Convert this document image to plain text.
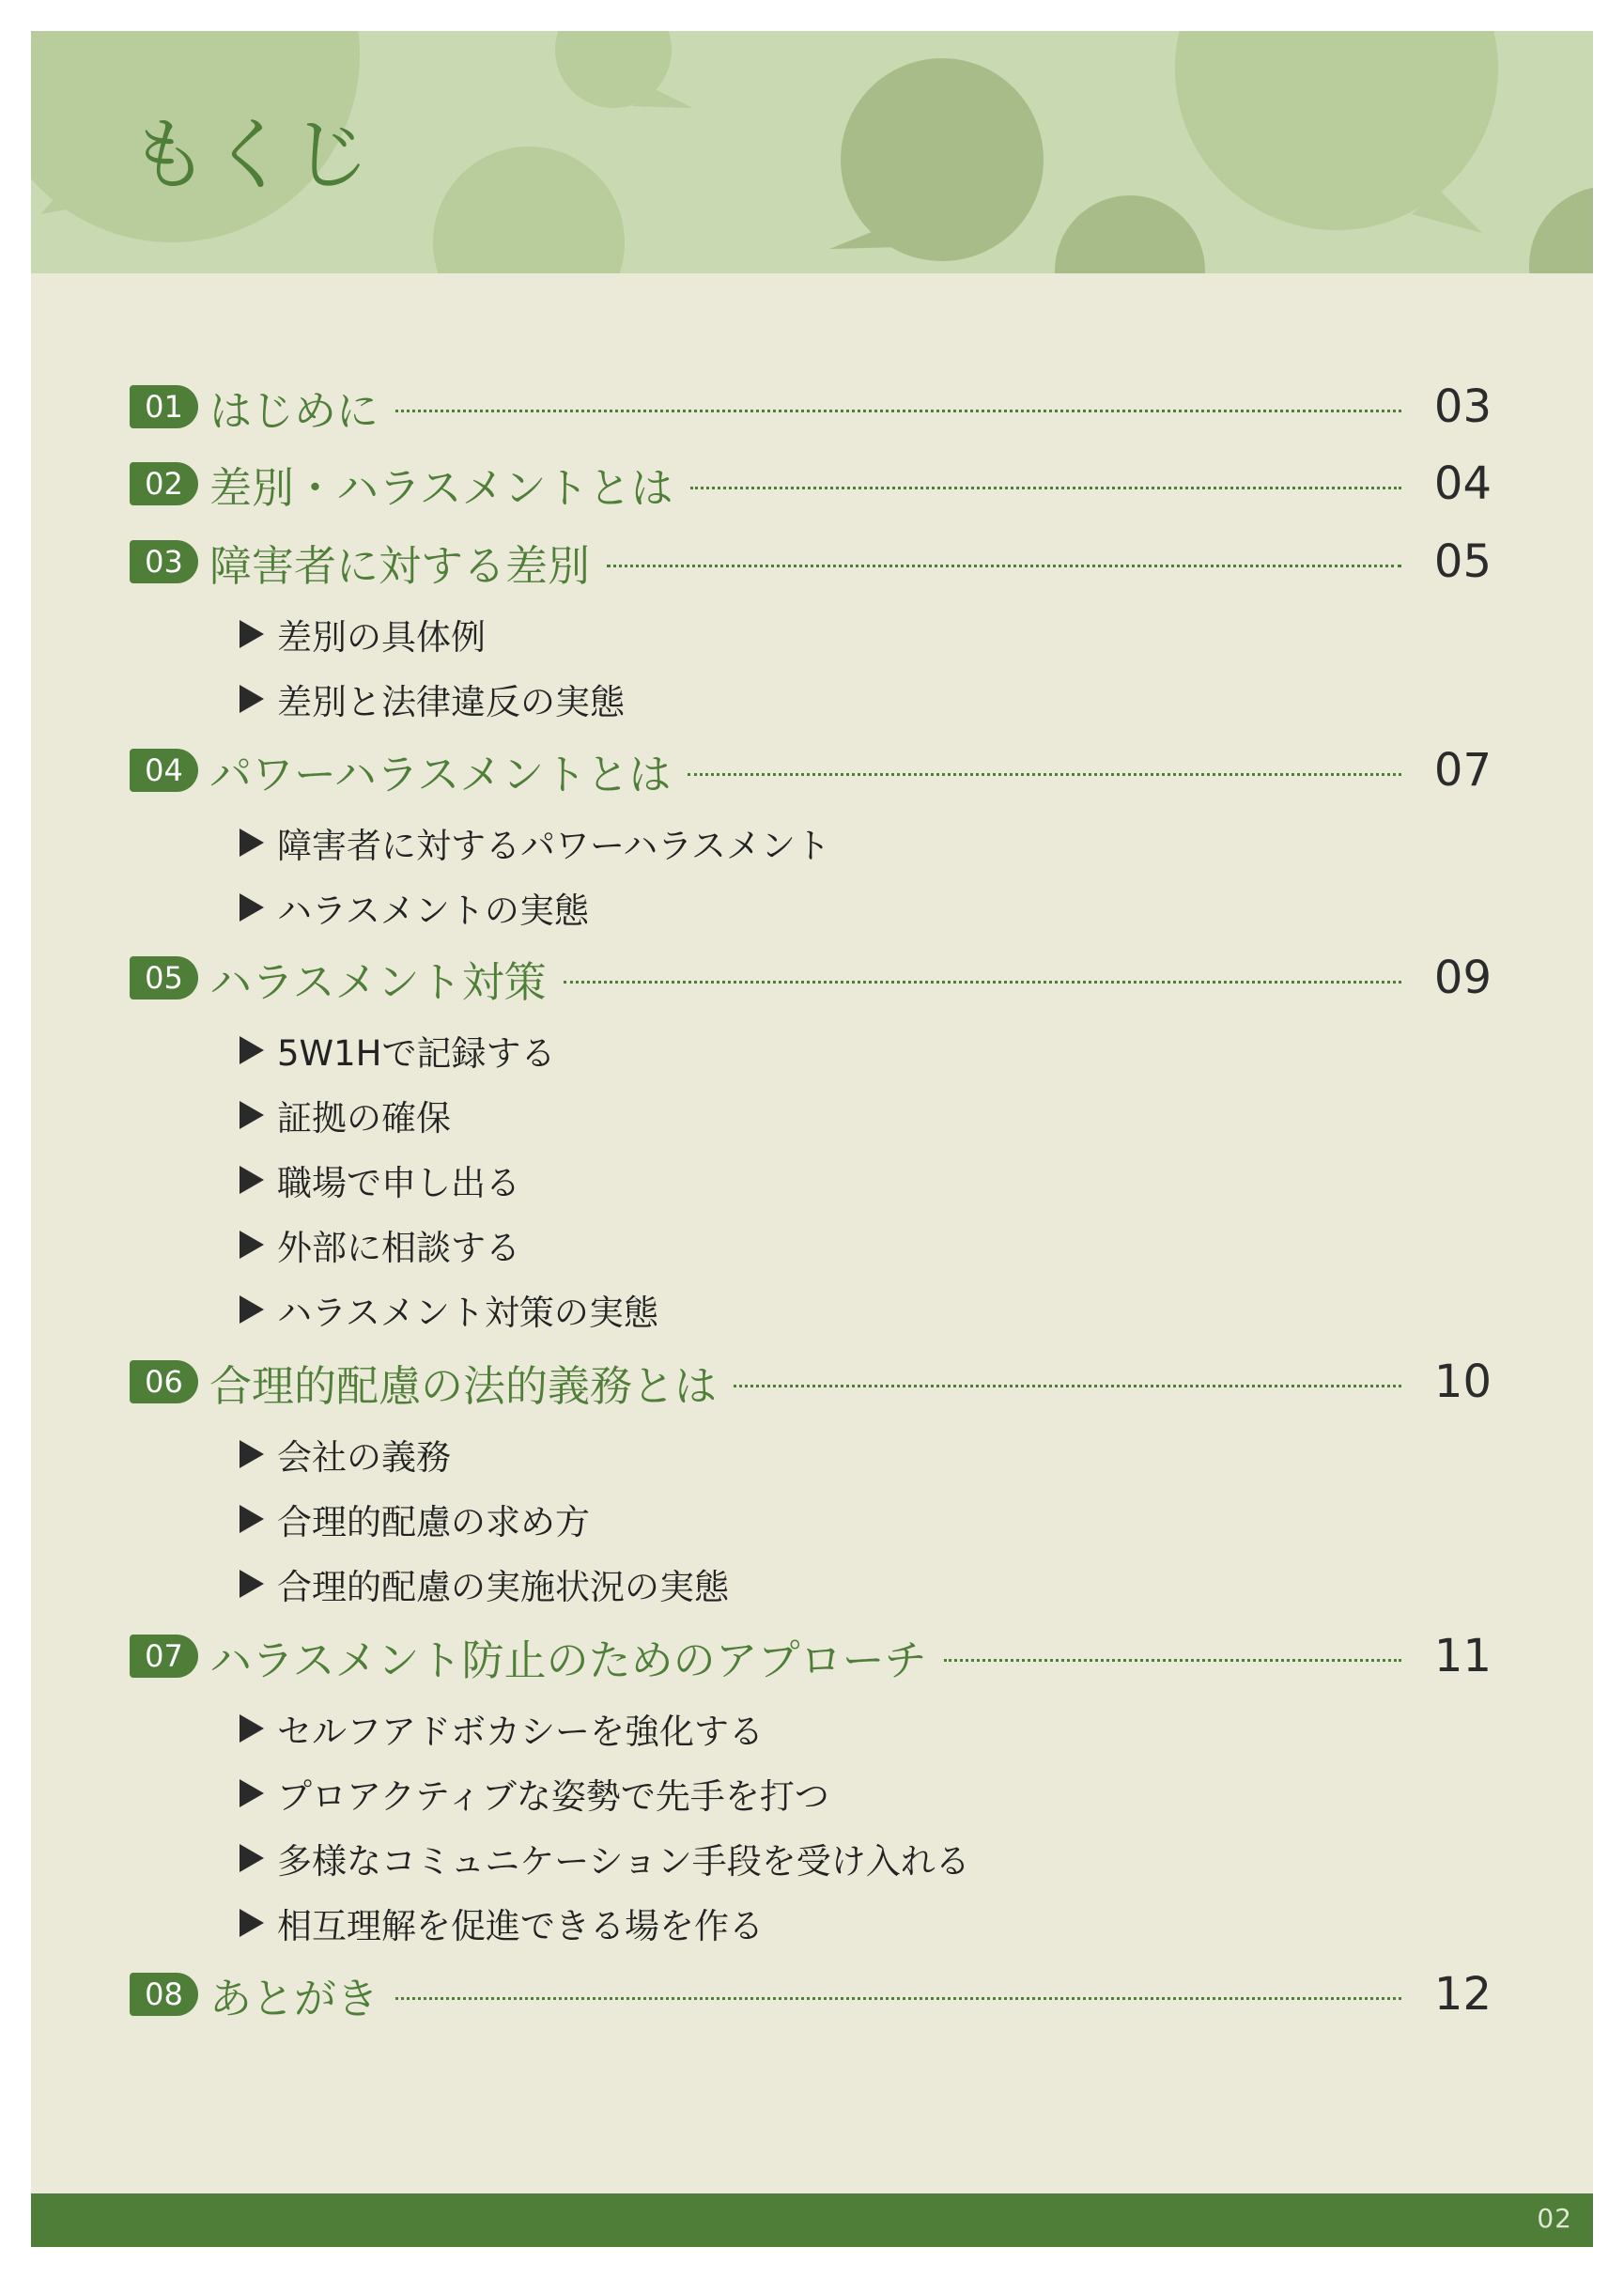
もくじ
01 はじめに	03
02 差別・ハラスメントとは	04
03 障害者に対する差別	05
差別の具体例
差別と法律違反の実態
04 パワーハラスメントとは	07
障害者に対するパワーハラスメント
ハラスメントの実態
05 ハラスメント対策	09
5W1Hで記録する
証拠の確保
職場で申し出る
外部に相談する
ハラスメント対策の実態
06 合理的配慮の法的義務とは	10
会社の義務
合理的配慮の求め方
合理的配慮の実施状況の実態
07 ハラスメント防止のためのアプローチ	11
セルフアドボカシーを強化する
プロアクティブな姿勢で先手を打つ
多様なコミュニケーション手段を受け入れる
相互理解を促進できる場を作る
08 あとがき	12
02
